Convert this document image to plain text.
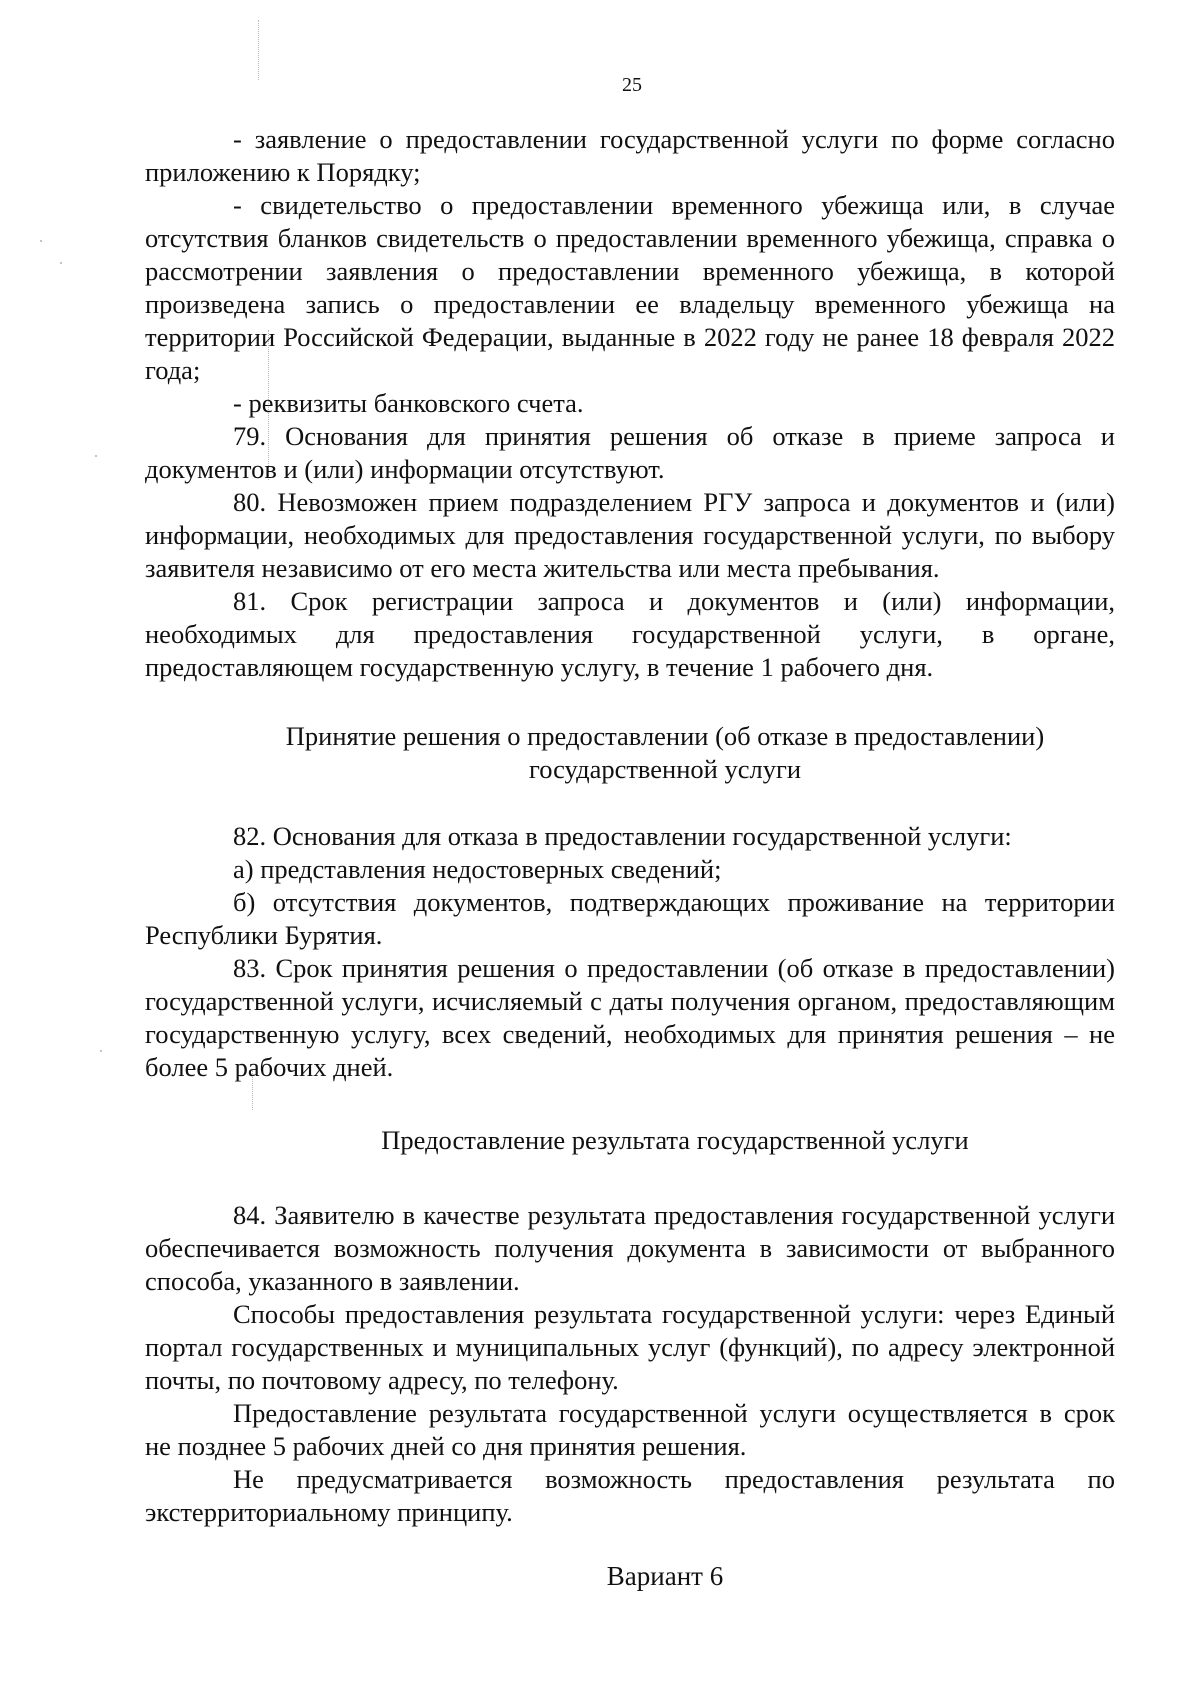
25

- заявление о предоставлении государственной услуги по форме согласно приложению к Порядку;

- свидетельство о предоставлении временного убежища или, в случае отсутствия бланков свидетельств о предоставлении временного убежища, справка о рассмотрении заявления о предоставлении временного убежища, в которой произведена запись о предоставлении ее владельцу временного убежища на территории Российской Федерации, выданные в 2022 году не ранее 18 февраля 2022 года;

- реквизиты банковского счета.

79. Основания для принятия решения об отказе в приеме запроса и документов и (или) информации отсутствуют.

80. Невозможен прием подразделением РГУ запроса и документов и (или) информации, необходимых для предоставления государственной услуги, по выбору заявителя независимо от его места жительства или места пребывания.

81. Срок регистрации запроса и документов и (или) информации, необходимых для предоставления государственной услуги, в органе, предоставляющем государственную услугу, в течение 1 рабочего дня.

Принятие решения о предоставлении (об отказе в предоставлении)

государственной услуги

82. Основания для отказа в предоставлении государственной услуги:

а) представления недостоверных сведений;

б) отсутствия документов, подтверждающих проживание на территории Республики Бурятия.

83. Срок принятия решения о предоставлении (об отказе в предоставлении) государственной услуги, исчисляемый с даты получения органом, предоставляющим государственную услугу, всех сведений, необходимых для принятия решения – не более 5 рабочих дней.

Предоставление результата государственной услуги

84. Заявителю в качестве результата предоставления государственной услуги обеспечивается возможность получения документа в зависимости от выбранного способа, указанного в заявлении.

Способы предоставления результата государственной услуги: через Единый портал государственных и муниципальных услуг (функций), по адресу электронной почты, по почтовому адресу, по телефону.

Предоставление результата государственной услуги осуществляется в срок не позднее 5 рабочих дней со дня принятия решения.

Не предусматривается возможность предоставления результата по экстерриториальному принципу.

Вариант 6
